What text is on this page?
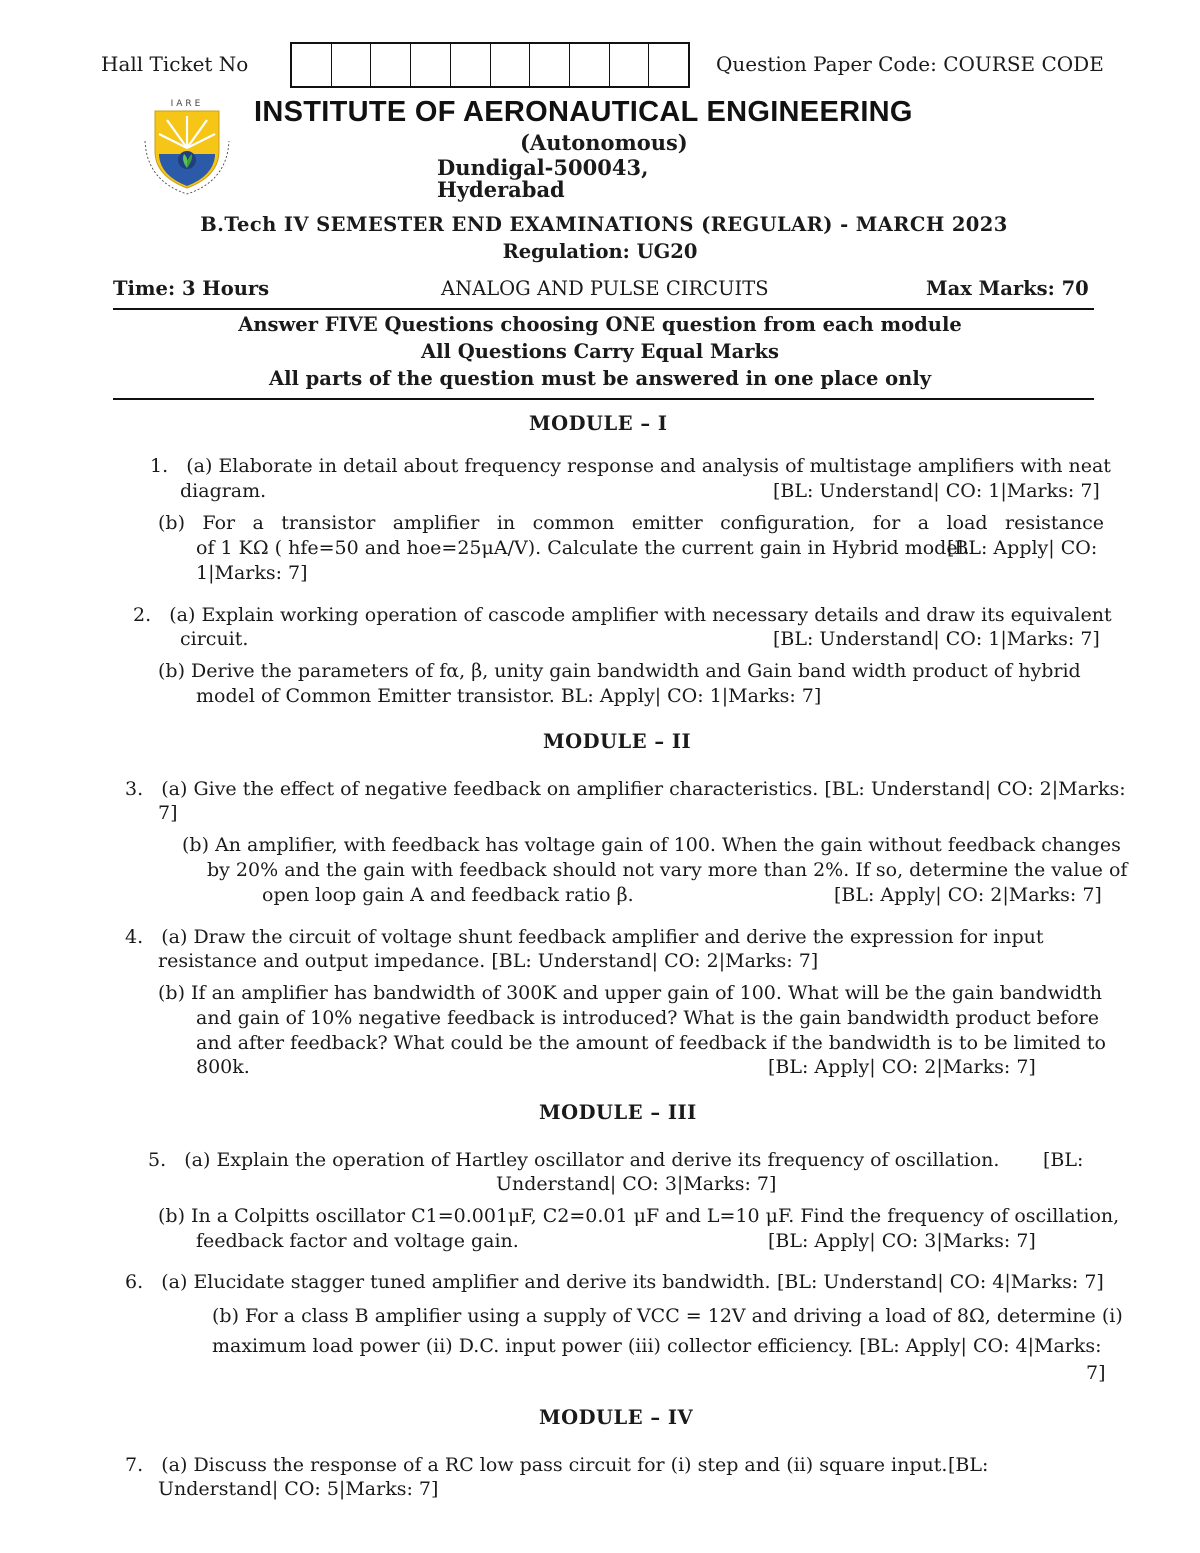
Hall Ticket No	Question Paper Code: COURSE CODE
IARE INSTITUTE OF AERONAUTICAL ENGINEERING
(Autonomous)
Dundigal-500043,
Hyderabad
B.Tech IV SEMESTER END EXAMINATIONS (REGULAR) - MARCH 2023
Regulation: UG20
Time: 3 Hours	ANALOG AND PULSE CIRCUITS	Max Marks: 70
Answer FIVE Questions choosing ONE question from each module
All Questions Carry Equal Marks
All parts of the question must be answered in one place only
MODULE – I
1.   (a) Elaborate in detail about frequency response and analysis of multistage amplifiers with neat
diagram.	[BL: Understand| CO: 1|Marks: 7]
(b) For a transistor amplifier in common emitter configuration, for a load resistance
of 1 KΩ ( hfe=50 and hoe=25μA/V). Calculate the current gain in Hybrid model.
[BL: Apply| CO:
1|Marks: 7]
2.   (a) Explain working operation of cascode amplifier with necessary details and draw its equivalent
circuit.	[BL: Understand| CO: 1|Marks: 7]
(b) Derive the parameters of fα, β, unity gain bandwidth and Gain band width product of hybrid
model of Common Emitter transistor. BL: Apply| CO: 1|Marks: 7]
MODULE – II
3.   (a) Give the effect of negative feedback on amplifier characteristics. [BL: Understand| CO: 2|Marks:
7]
(b) An amplifier, with feedback has voltage gain of 100. When the gain without feedback changes
by 20% and the gain with feedback should not vary more than 2%. If so, determine the value of
open loop gain A and feedback ratio β.	[BL: Apply| CO: 2|Marks: 7]
4.   (a) Draw the circuit of voltage shunt feedback amplifier and derive the expression for input
resistance and output impedance. [BL: Understand| CO: 2|Marks: 7]
(b) If an amplifier has bandwidth of 300K and upper gain of 100. What will be the gain bandwidth
and gain of 10% negative feedback is introduced? What is the gain bandwidth product before
and after feedback? What could be the amount of feedback if the bandwidth is to be limited to
800k.	[BL: Apply| CO: 2|Marks: 7]
MODULE – III
5.   (a) Explain the operation of Hartley oscillator and derive its frequency of oscillation. [BL:
Understand| CO: 3|Marks: 7]
(b) In a Colpitts oscillator C1=0.001μF, C2=0.01 μF and L=10 μF. Find the frequency of oscillation,
feedback factor and voltage gain.	[BL: Apply| CO: 3|Marks: 7]
6.   (a) Elucidate stagger tuned amplifier and derive its bandwidth. [BL: Understand| CO: 4|Marks: 7]
(b) For a class B amplifier using a supply of VCC = 12V and driving a load of 8Ω, determine (i)
maximum load power (ii) D.C. input power (iii) collector efficiency. [BL: Apply| CO: 4|Marks:
7]
MODULE – IV
7.   (a) Discuss the response of a RC low pass circuit for (i) step and (ii) square input. [BL:
Understand| CO: 5|Marks: 7]
